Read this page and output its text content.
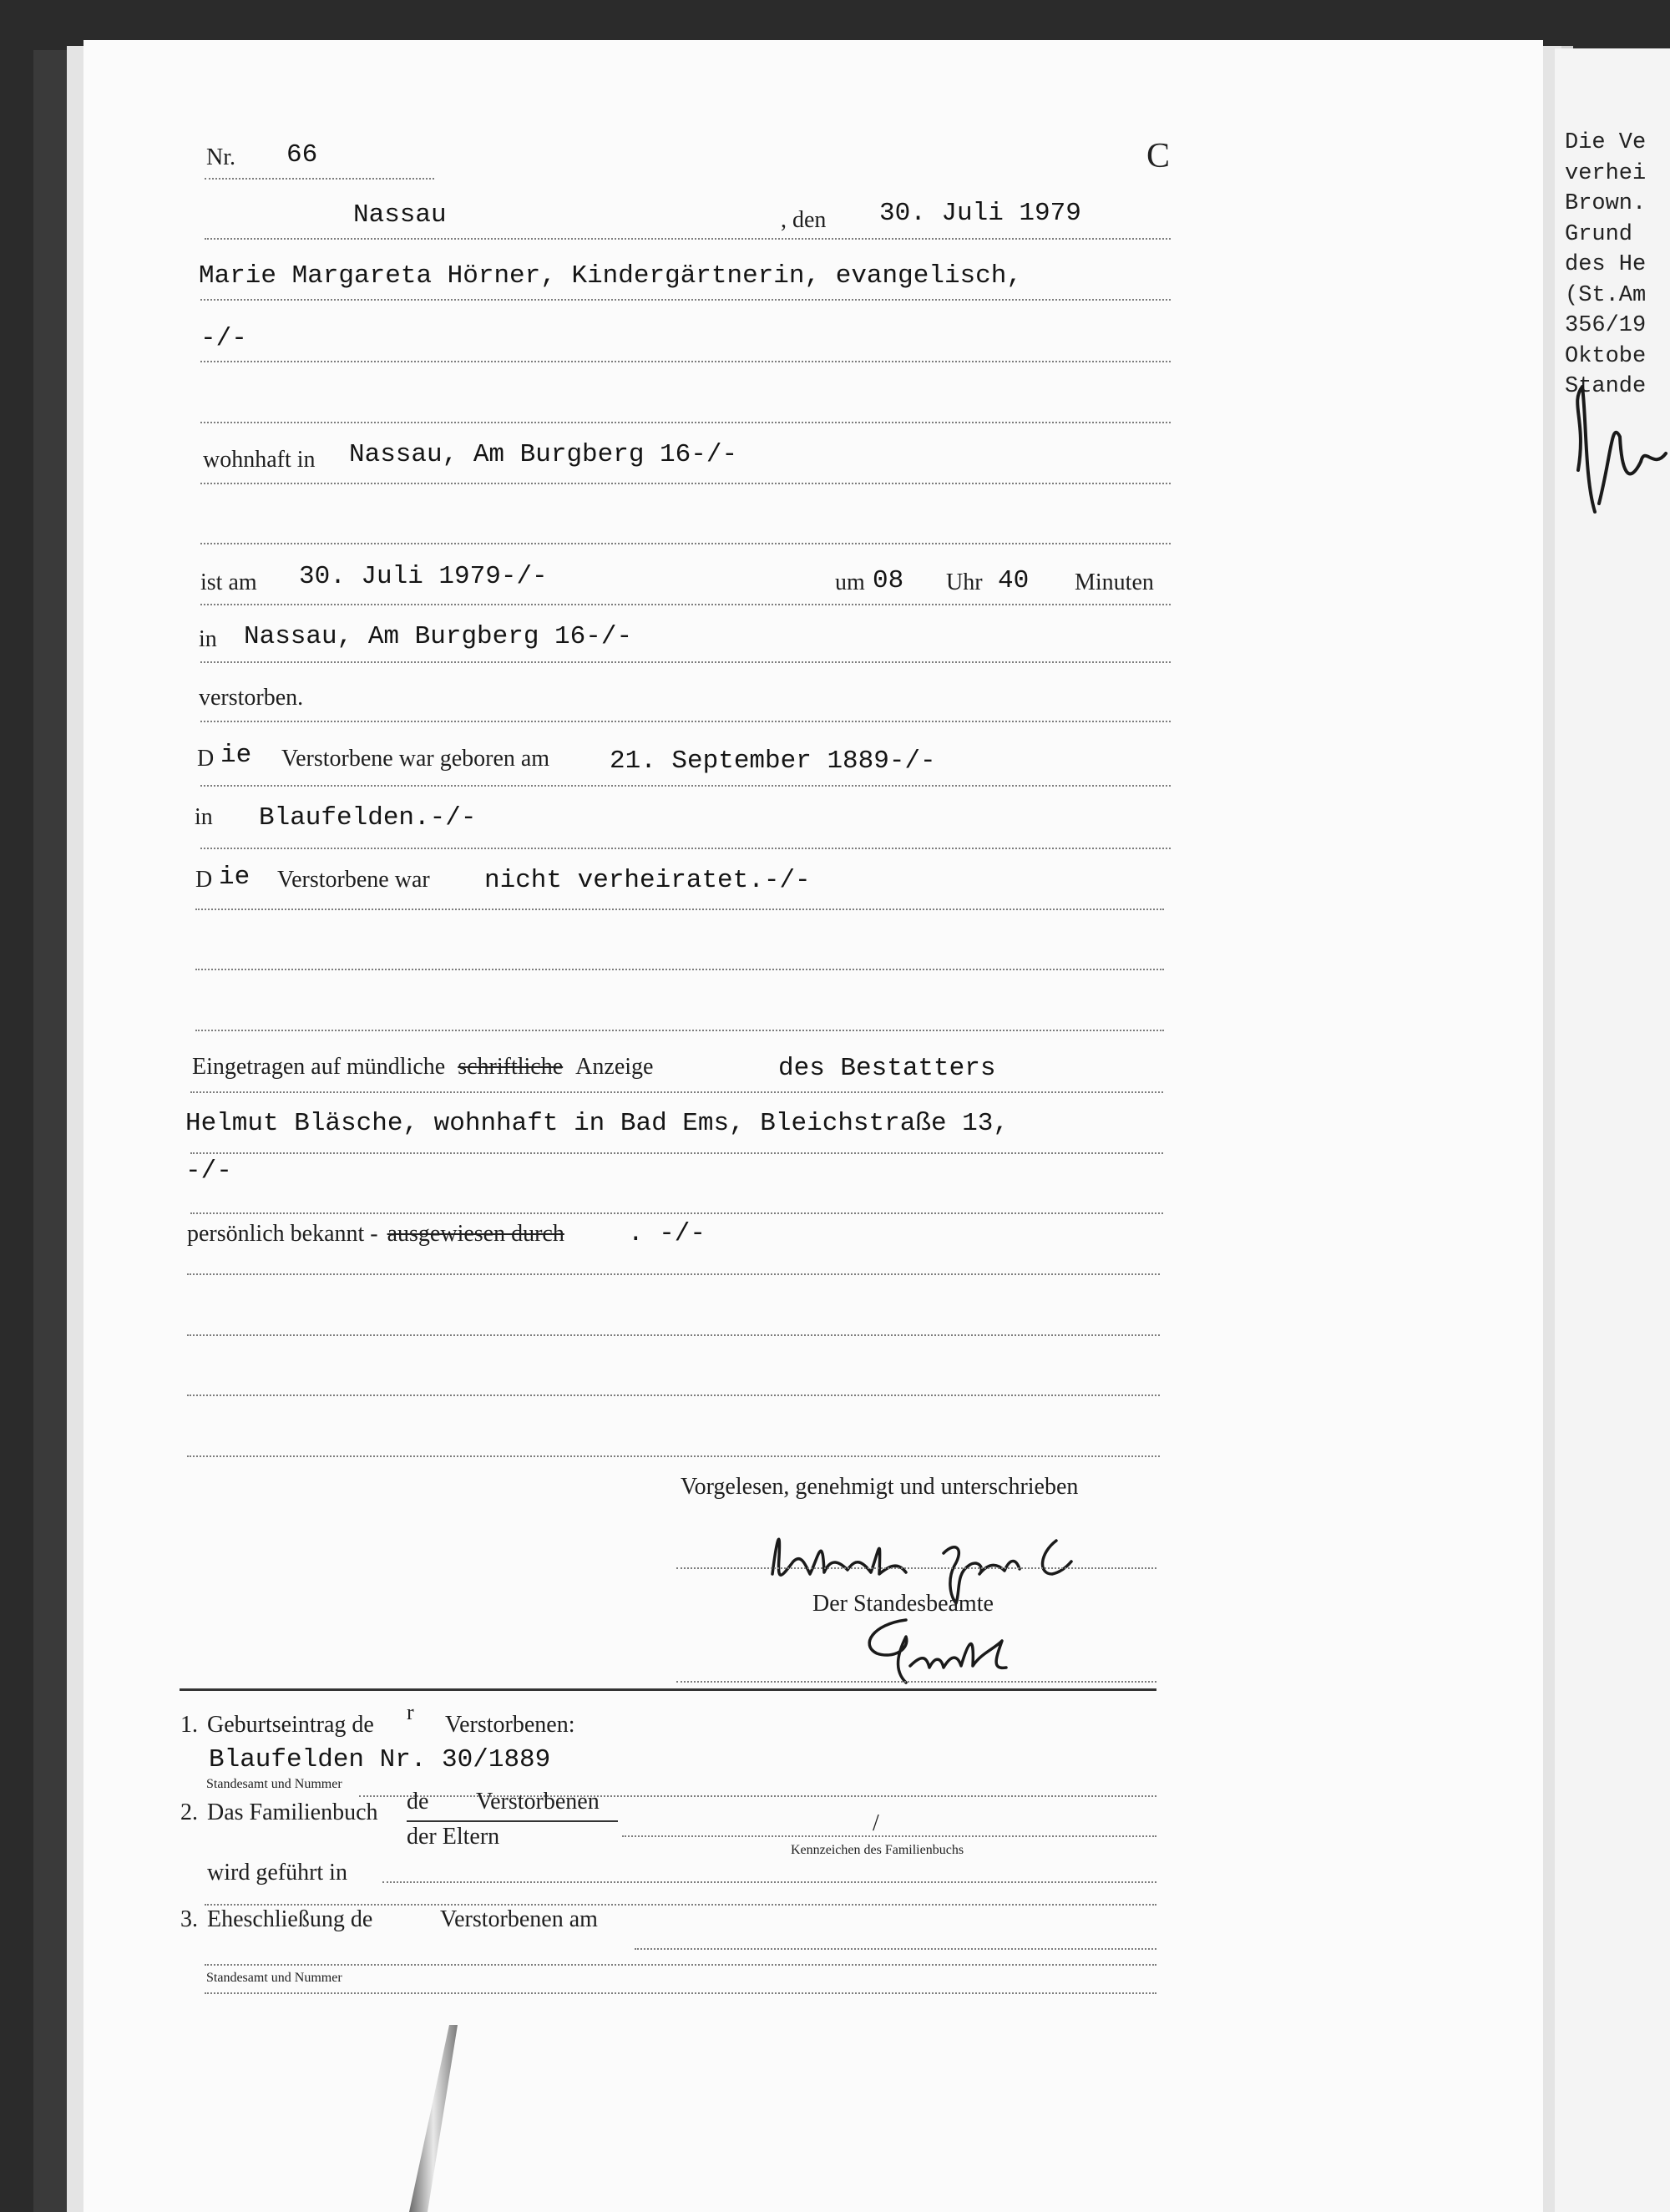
Die Ve
verhei
Brown.
Grund
des He
(St.Am
356/19
Oktobe
Stande
Nr. 66	C
Nassau	, den 30. Juli 1979
Marie Margareta Hörner, Kindergärtnerin, evangelisch,
-/-
wohnhaft in Nassau, Am Burgberg 16-/-
ist am 30. Juli 1979-/-	um 08 Uhr 40 Minuten
in Nassau, Am Burgberg 16-/-
verstorben.
D ie Verstorbene war geboren am 21. September 1889-/-
in Blaufelden.-/-
D ie Verstorbene war nicht verheiratet.-/-
Eingetragen auf mündliche schriftliche Anzeige	des Bestatters
Helmut Bläsche, wohnhaft in Bad Ems, Bleichstraße 13,
-/-
persönlich bekannt - ausgewiesen durch . -/-
Vorgelesen, genehmigt und unterschrieben
Der Standesbeamte
1. Geburtseintrag de r Verstorbenen:
Blaufelden Nr. 30/1889
Standesamt und Nummer
2. Das Familienbuch de Verstorbenen
der Eltern
/
Kennzeichen des Familienbuchs
wird geführt in
3. Eheschließung de	Verstorbenen am
Standesamt und Nummer
